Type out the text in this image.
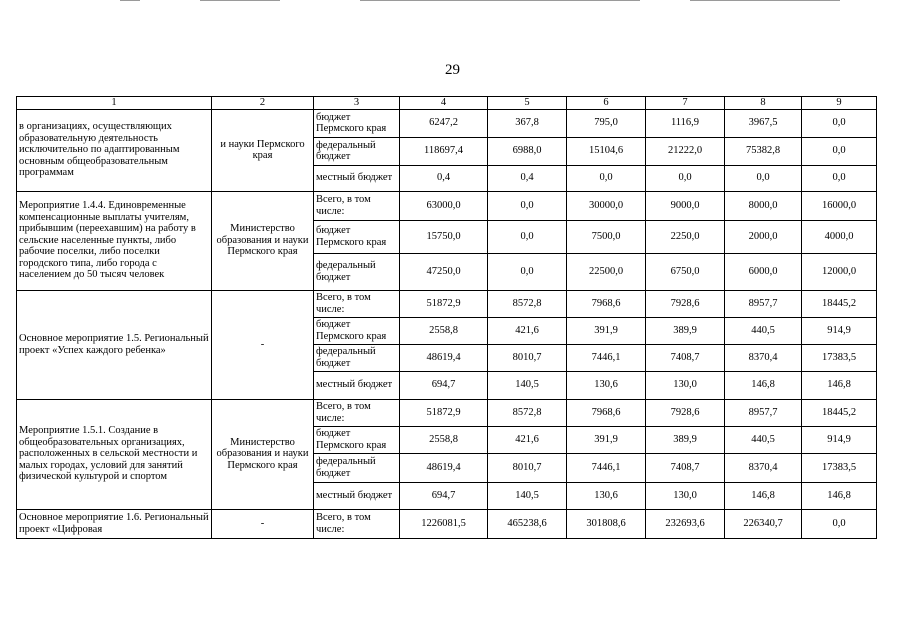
29
1	2	3	4	5	6	7	8	9
в организациях, осуществляющих образовательную деятельность исключительно по адаптированным основным общеобразовательным программам	и науки Пермского края	бюджет Пермского края	6247,2	367,8	795,0	1116,9	3967,5	0,0
		федеральный бюджет	118697,4	6988,0	15104,6	21222,0	75382,8	0,0
		местный бюджет	0,4	0,4	0,0	0,0	0,0	0,0
Мероприятие 1.4.4. Единовременные компенсационные выплаты учителям, прибывшим (переехавшим) на работу в сельские населенные пункты, либо рабочие поселки, либо поселки городского типа, либо города с населением до 50 тысяч человек	Министерство образования и науки Пермского края	Всего, в том числе:	63000,0	0,0	30000,0	9000,0	8000,0	16000,0
		бюджет Пермского края	15750,0	0,0	7500,0	2250,0	2000,0	4000,0
		федеральный бюджет	47250,0	0,0	22500,0	6750,0	6000,0	12000,0
Основное мероприятие 1.5. Региональный проект «Успех каждого ребенка»	-	Всего, в том числе:	51872,9	8572,8	7968,6	7928,6	8957,7	18445,2
		бюджет Пермского края	2558,8	421,6	391,9	389,9	440,5	914,9
		федеральный бюджет	48619,4	8010,7	7446,1	7408,7	8370,4	17383,5
		местный бюджет	694,7	140,5	130,6	130,0	146,8	146,8
Мероприятие 1.5.1. Создание в общеобразовательных организациях, расположенных в сельской местности и малых городах, условий для занятий физической культурой и спортом	Министерство образования и науки Пермского края	Всего, в том числе:	51872,9	8572,8	7968,6	7928,6	8957,7	18445,2
		бюджет Пермского края	2558,8	421,6	391,9	389,9	440,5	914,9
		федеральный бюджет	48619,4	8010,7	7446,1	7408,7	8370,4	17383,5
		местный бюджет	694,7	140,5	130,6	130,0	146,8	146,8
Основное мероприятие 1.6. Региональный проект «Цифровая	-	Всего, в том числе:	1226081,5	465238,6	301808,6	232693,6	226340,7	0,0
